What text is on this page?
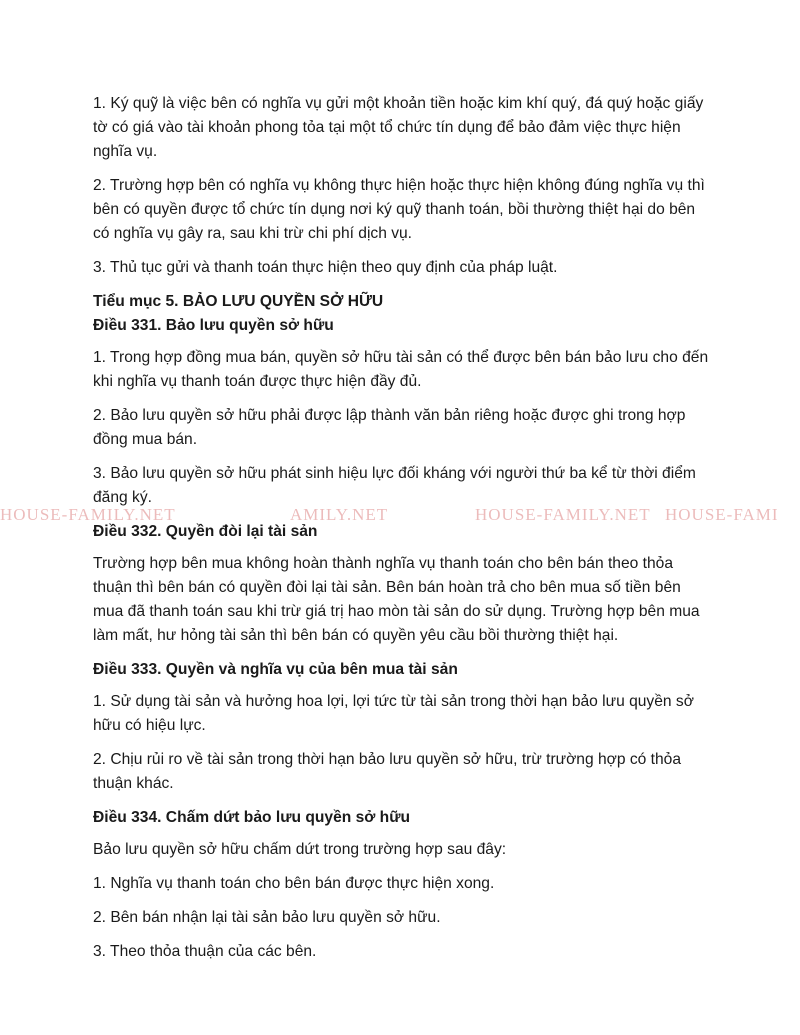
HOUSE-FAMILY.NET	AMILY.NET	HOUSE-FAMILY.NET HOUSE-FAMI

1. Ký quỹ là việc bên có nghĩa vụ gửi một khoản tiền hoặc kim khí quý, đá quý hoặc giấy tờ có giá vào tài khoản phong tỏa tại một tổ chức tín dụng để bảo đảm việc thực hiện nghĩa vụ.

2. Trường hợp bên có nghĩa vụ không thực hiện hoặc thực hiện không đúng nghĩa vụ thì bên có quyền được tổ chức tín dụng nơi ký quỹ thanh toán, bồi thường thiệt hại do bên có nghĩa vụ gây ra, sau khi trừ chi phí dịch vụ.

3. Thủ tục gửi và thanh toán thực hiện theo quy định của pháp luật.

Tiểu mục 5. BẢO LƯU QUYỀN SỞ HỮU

Điều 331. Bảo lưu quyền sở hữu

1. Trong hợp đồng mua bán, quyền sở hữu tài sản có thể được bên bán bảo lưu cho đến khi nghĩa vụ thanh toán được thực hiện đầy đủ.

2. Bảo lưu quyền sở hữu phải được lập thành văn bản riêng hoặc được ghi trong hợp đồng mua bán.

3. Bảo lưu quyền sở hữu phát sinh hiệu lực đối kháng với người thứ ba kể từ thời điểm đăng ký.

Điều 332. Quyền đòi lại tài sản

Trường hợp bên mua không hoàn thành nghĩa vụ thanh toán cho bên bán theo thỏa thuận thì bên bán có quyền đòi lại tài sản. Bên bán hoàn trả cho bên mua số tiền bên mua đã thanh toán sau khi trừ giá trị hao mòn tài sản do sử dụng. Trường hợp bên mua làm mất, hư hỏng tài sản thì bên bán có quyền yêu cầu bồi thường thiệt hại.

Điều 333. Quyền và nghĩa vụ của bên mua tài sản

1. Sử dụng tài sản và hưởng hoa lợi, lợi tức từ tài sản trong thời hạn bảo lưu quyền sở hữu có hiệu lực.

2. Chịu rủi ro về tài sản trong thời hạn bảo lưu quyền sở hữu, trừ trường hợp có thỏa thuận khác.

Điều 334. Chấm dứt bảo lưu quyền sở hữu

Bảo lưu quyền sở hữu chấm dứt trong trường hợp sau đây:

1. Nghĩa vụ thanh toán cho bên bán được thực hiện xong.

2. Bên bán nhận lại tài sản bảo lưu quyền sở hữu.

3. Theo thỏa thuận của các bên.
